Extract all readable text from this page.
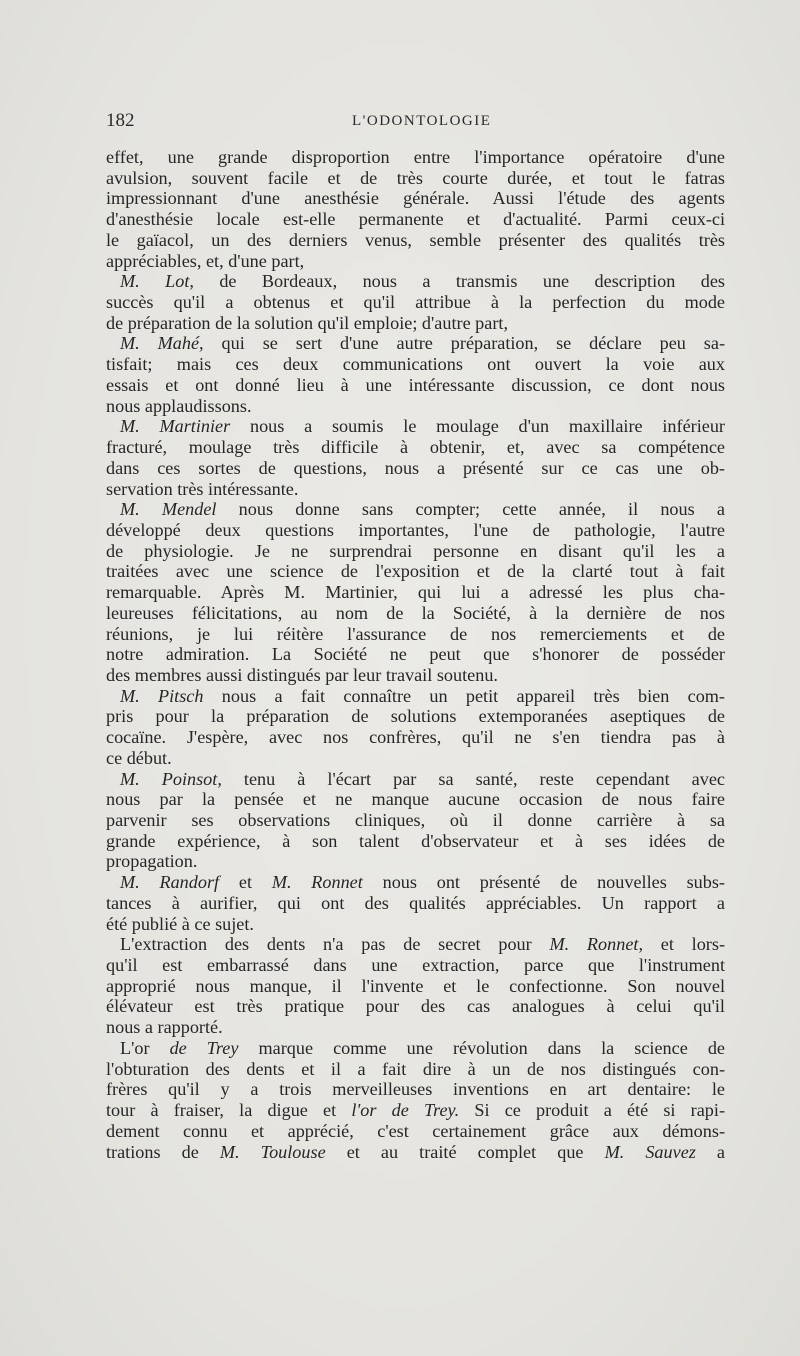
182	L'ODONTOLOGIE
effet, une grande disproportion entre l'importance opératoire d'une
avulsion, souvent facile et de très courte durée, et tout le fatras
impressionnant d'une anesthésie générale. Aussi l'étude des agents
d'anesthésie locale est-elle permanente et d'actualité. Parmi ceux-ci
le gaïacol, un des derniers venus, semble présenter des qualités très
appréciables, et, d'une part,
M. Lot, de Bordeaux, nous a transmis une description des
succès qu'il a obtenus et qu'il attribue à la perfection du mode
de préparation de la solution qu'il emploie; d'autre part,
M. Mahé, qui se sert d'une autre préparation, se déclare peu sa-
tisfait; mais ces deux communications ont ouvert la voie aux
essais et ont donné lieu à une intéressante discussion, ce dont nous
nous applaudissons.
M. Martinier nous a soumis le moulage d'un maxillaire inférieur
fracturé, moulage très difficile à obtenir, et, avec sa compétence
dans ces sortes de questions, nous a présenté sur ce cas une ob-
servation très intéressante.
M. Mendel nous donne sans compter; cette année, il nous a
développé deux questions importantes, l'une de pathologie, l'autre
de physiologie. Je ne surprendrai personne en disant qu'il les a
traitées avec une science de l'exposition et de la clarté tout à fait
remarquable. Après M. Martinier, qui lui a adressé les plus cha-
leureuses félicitations, au nom de la Société, à la dernière de nos
réunions, je lui réitère l'assurance de nos remerciements et de
notre admiration. La Société ne peut que s'honorer de posséder
des membres aussi distingués par leur travail soutenu.
M. Pitsch nous a fait connaître un petit appareil très bien com-
pris pour la préparation de solutions extemporanées aseptiques de
cocaïne. J'espère, avec nos confrères, qu'il ne s'en tiendra pas à
ce début.
M. Poinsot, tenu à l'écart par sa santé, reste cependant avec
nous par la pensée et ne manque aucune occasion de nous faire
parvenir ses observations cliniques, où il donne carrière à sa
grande expérience, à son talent d'observateur et à ses idées de
propagation.
M. Randorf et M. Ronnet nous ont présenté de nouvelles subs-
tances à aurifier, qui ont des qualités appréciables. Un rapport a
été publié à ce sujet.
L'extraction des dents n'a pas de secret pour M. Ronnet, et lors-
qu'il est embarrassé dans une extraction, parce que l'instrument
approprié nous manque, il l'invente et le confectionne. Son nouvel
élévateur est très pratique pour des cas analogues à celui qu'il
nous a rapporté.
L'or de Trey marque comme une révolution dans la science de
l'obturation des dents et il a fait dire à un de nos distingués con-
frères qu'il y a trois merveilleuses inventions en art dentaire: le
tour à fraiser, la digue et l'or de Trey. Si ce produit a été si rapi-
dement connu et apprécié, c'est certainement grâce aux démons-
trations de M. Toulouse et au traité complet que M. Sauvez a
